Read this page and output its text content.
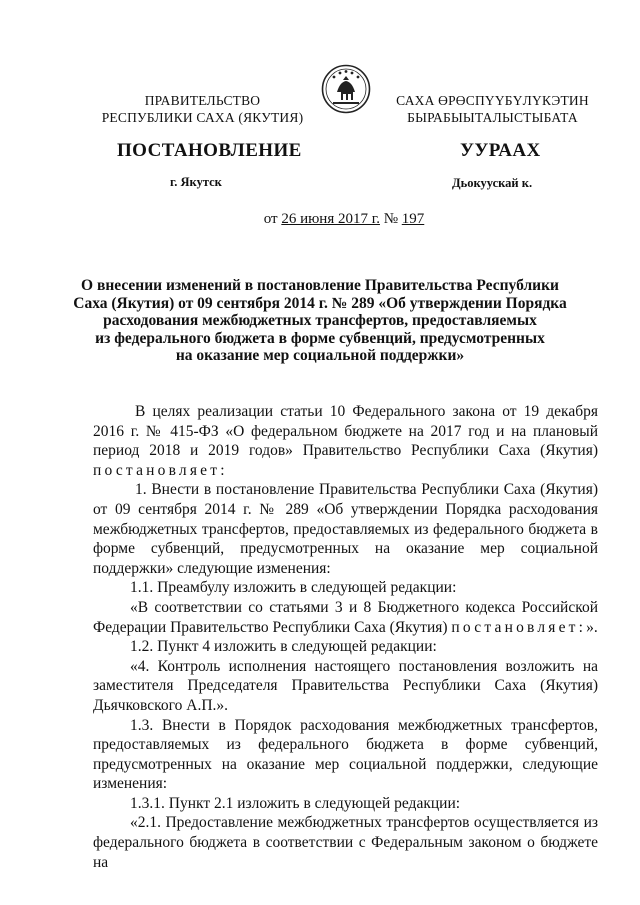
ПРАВИТЕЛЬСТВО
РЕСПУБЛИКИ САХА (ЯКУТИЯ)
САХА ӨРӨСПҮҮБҮЛҮКЭТИН
БЫРАБЫЫТАЛЫСТЫБАТА
ПОСТАНОВЛЕНИЕ	УУРААХ
г. Якутск	Дьокуускай к.
от 26 июня 2017 г. № 197
О внесении изменений в постановление Правительства Республики
Саха (Якутия) от 09 сентября 2014 г. № 289 «Об утверждении Порядка
расходования межбюджетных трансфертов, предоставляемых
из федерального бюджета в форме субвенций, предусмотренных
на оказание мер социальной поддержки»
В целях реализации статьи 10 Федерального закона от 19 декабря 2016 г. № 415-ФЗ «О федеральном бюджете на 2017 год и на плановый период 2018 и 2019 годов» Правительство Республики Саха (Якутия) постановляет:
1. Внести в постановление Правительства Республики Саха (Якутия) от 09 сентября 2014 г. № 289 «Об утверждении Порядка расходования межбюджетных трансфертов, предоставляемых из федерального бюджета в форме субвенций, предусмотренных на оказание мер социальной поддержки» следующие изменения:
1.1. Преамбулу изложить в следующей редакции:
«В соответствии со статьями 3 и 8 Бюджетного кодекса Российской Федерации Правительство Республики Саха (Якутия) постановляет:».
1.2. Пункт 4 изложить в следующей редакции:
«4. Контроль исполнения настоящего постановления возложить на заместителя Председателя Правительства Республики Саха (Якутия) Дьячковского А.П.».
1.3. Внести в Порядок расходования межбюджетных трансфертов, предоставляемых из федерального бюджета в форме субвенций, предусмотренных на оказание мер социальной поддержки, следующие изменения:
1.3.1. Пункт 2.1 изложить в следующей редакции:
«2.1. Предоставление межбюджетных трансфертов осуществляется из федерального бюджета в соответствии с Федеральным законом о бюджете на
